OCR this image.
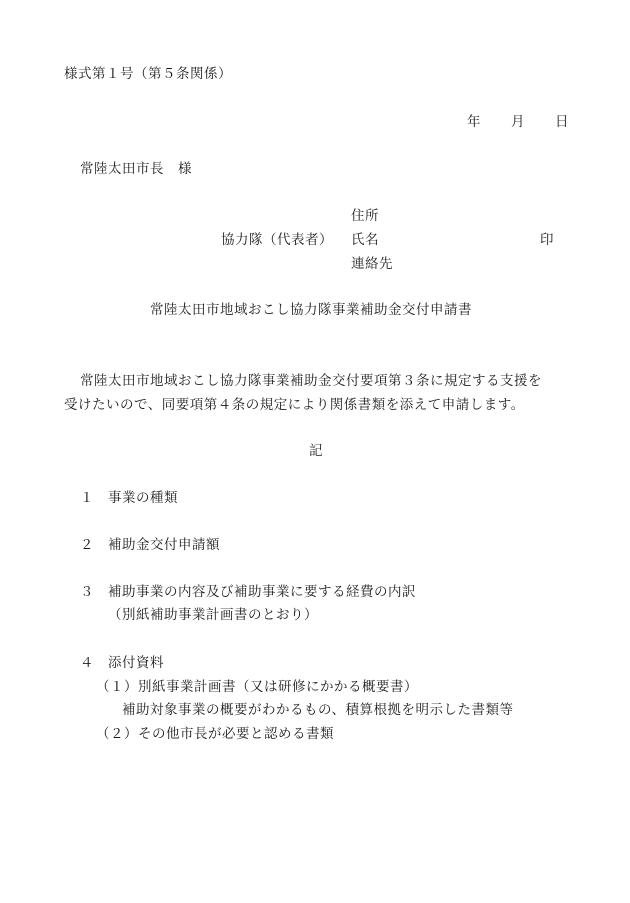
様式第１号（第５条関係）
年 月 日
常陸太田市長　様
住所
協力隊（代表者） 氏名	印
連絡先
常陸太田市地域おこし協力隊事業補助金交付申請書
常陸太田市地域おこし協力隊事業補助金交付要項第３条に規定する支援を
受けたいので、同要項第４条の規定により関係書類を添えて申請します。
記
１　事業の種類
２　補助金交付申請額
３　補助事業の内容及び補助事業に要する経費の内訳
（別紙補助事業計画書のとおり）
４　添付資料
（１）別紙事業計画書（又は研修にかかる概要書）
補助対象事業の概要がわかるもの、積算根拠を明示した書類等
（２）その他市長が必要と認める書類
